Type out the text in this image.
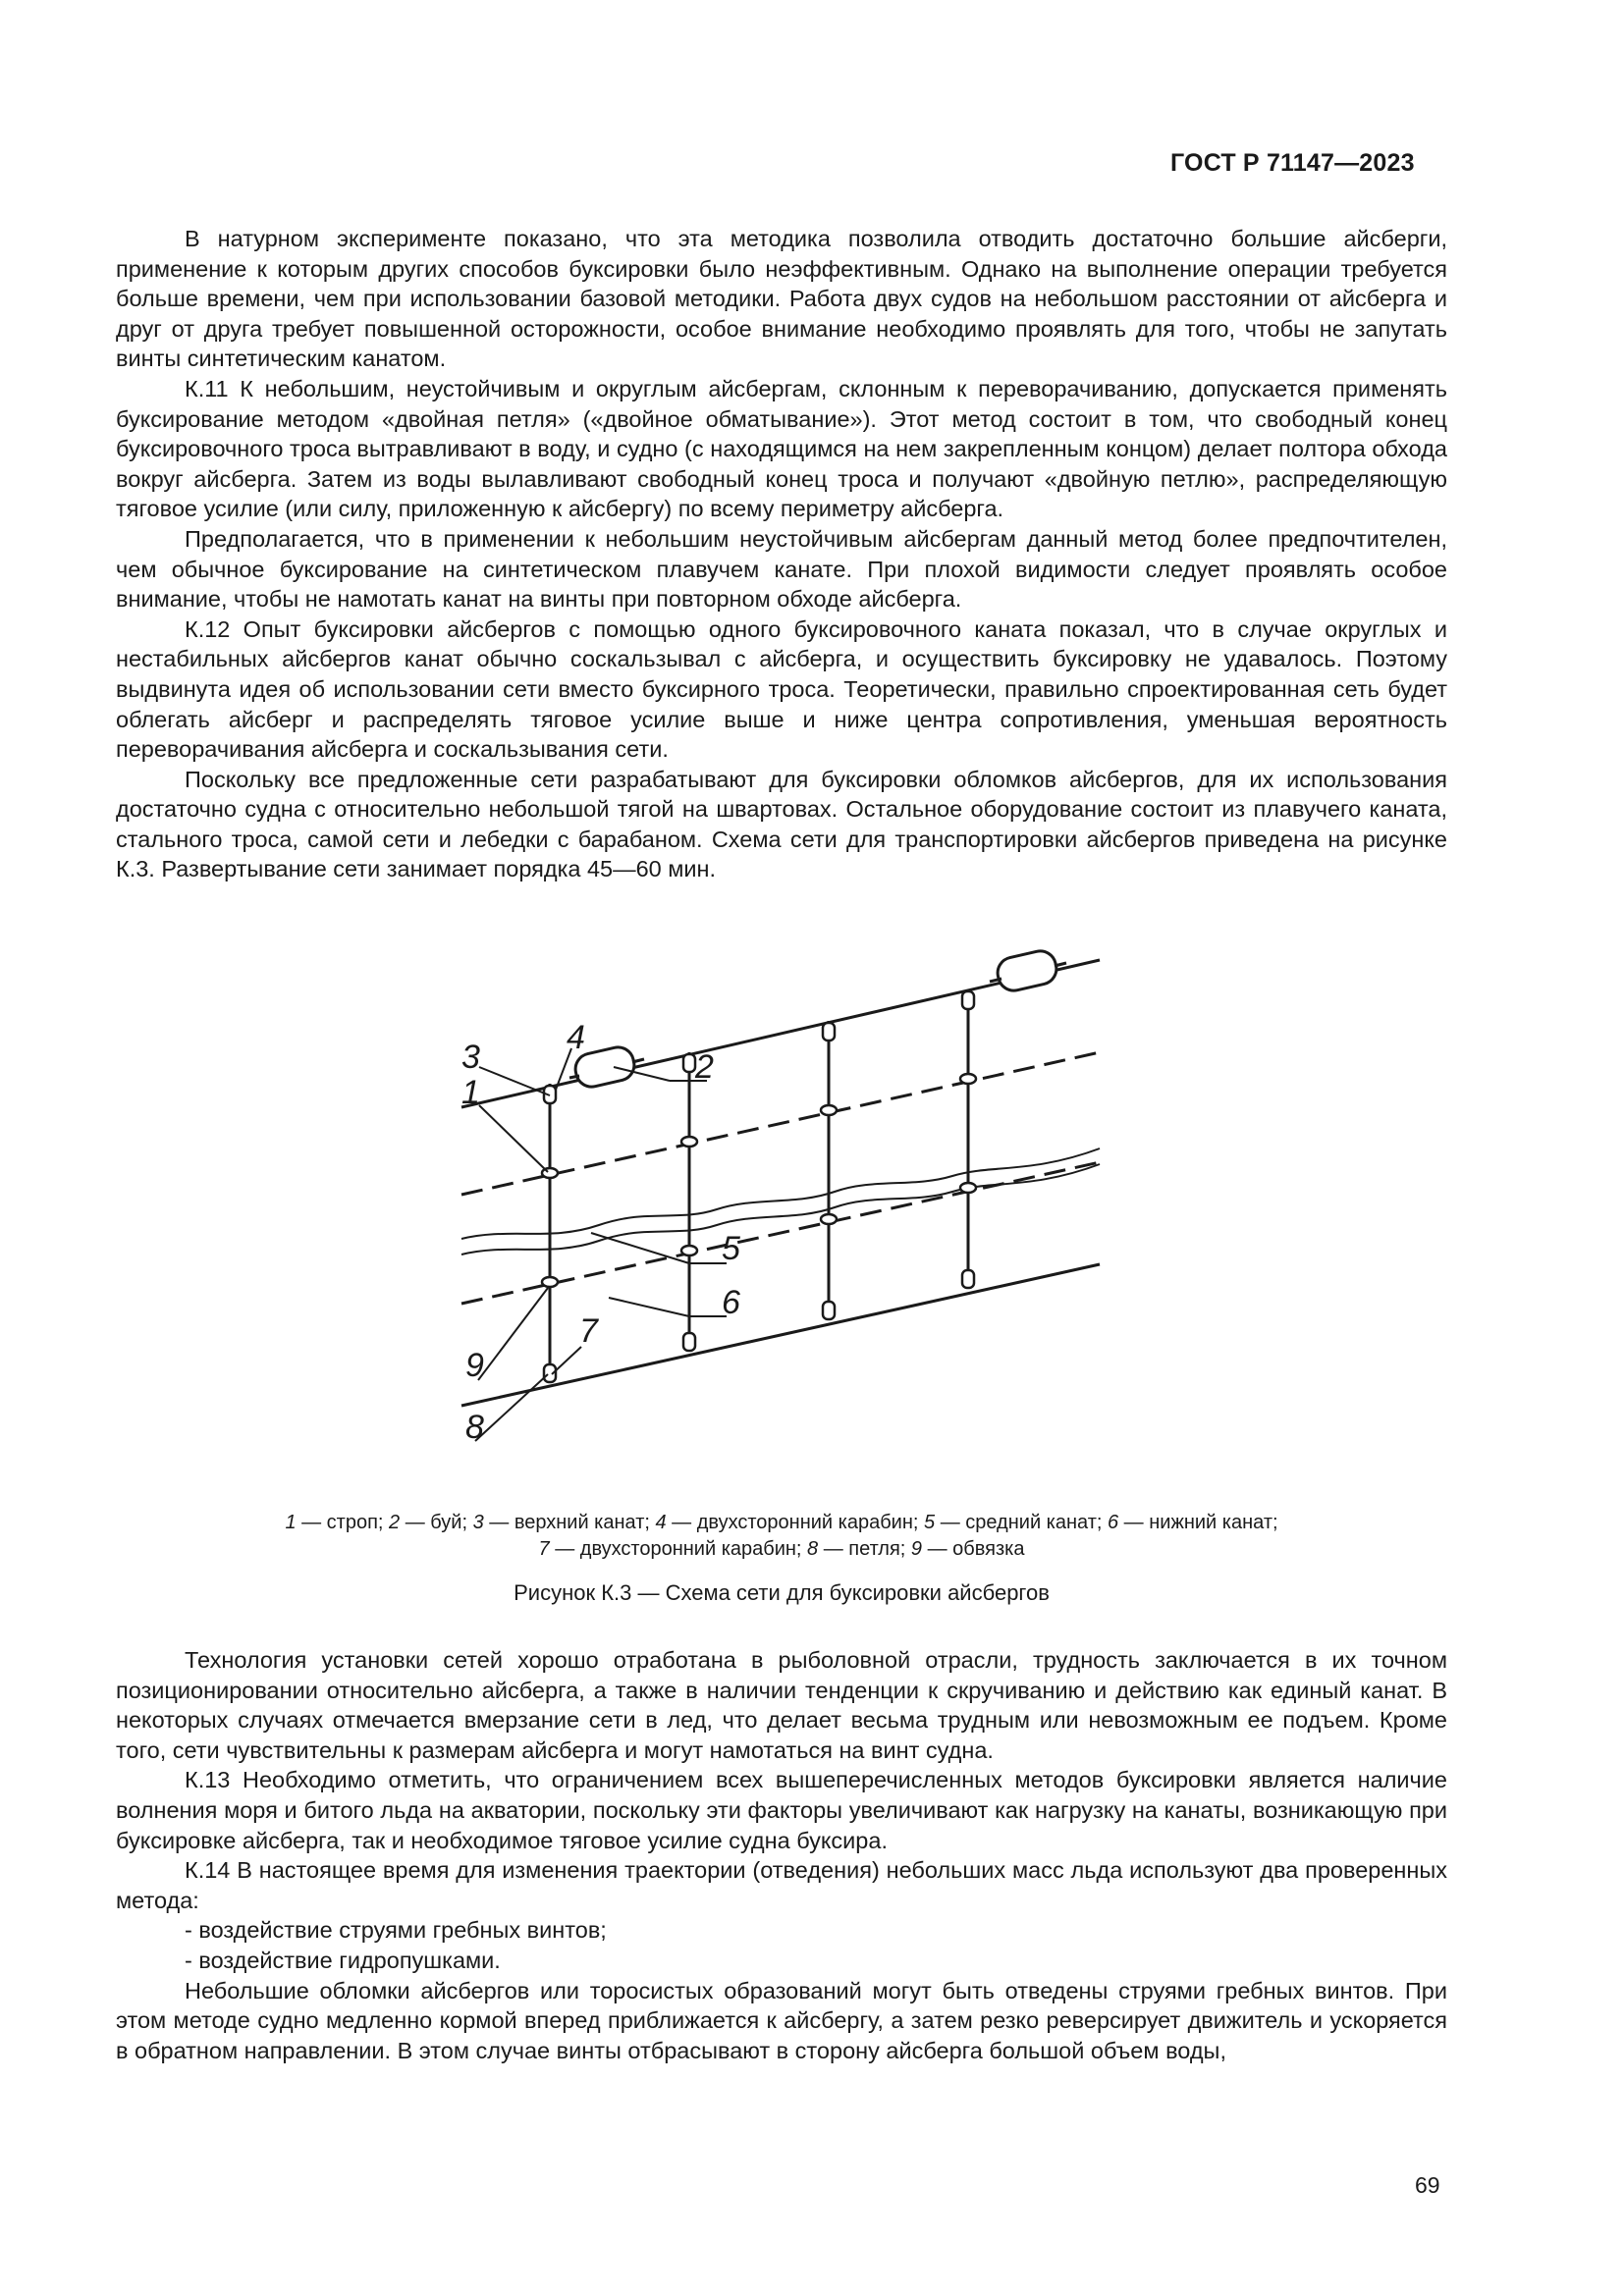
ГОСТ Р 71147—2023

В натурном эксперименте показано, что эта методика позволила отводить достаточно большие айсберги, применение к которым других способов буксировки было неэффективным. Однако на выполнение операции требуется больше времени, чем при использовании базовой методики. Работа двух судов на небольшом расстоянии от айсберга и друг от друга требует повышенной осторожности, особое внимание необходимо проявлять для того, чтобы не запутать винты синтетическим канатом.

К.11 К небольшим, неустойчивым и округлым айсбергам, склонным к переворачиванию, допускается применять буксирование методом «двойная петля» («двойное обматывание»). Этот метод состоит в том, что свободный конец буксировочного троса вытравливают в воду, и судно (с находящимся на нем закрепленным концом) делает полтора обхода вокруг айсберга. Затем из воды вылавливают свободный конец троса и получают «двойную петлю», распределяющую тяговое усилие (или силу, приложенную к айсбергу) по всему периметру айсберга.

Предполагается, что в применении к небольшим неустойчивым айсбергам данный метод более предпочтителен, чем обычное буксирование на синтетическом плавучем канате. При плохой видимости следует проявлять особое внимание, чтобы не намотать канат на винты при повторном обходе айсберга.

К.12 Опыт буксировки айсбергов с помощью одного буксировочного каната показал, что в случае округлых и нестабильных айсбергов канат обычно соскальзывал с айсберга, и осуществить буксировку не удавалось. Поэтому выдвинута идея об использовании сети вместо буксирного троса. Теоретически, правильно спроектированная сеть будет облегать айсберг и распределять тяговое усилие выше и ниже центра сопротивления, уменьшая вероятность переворачивания айсберга и соскальзывания сети.

Поскольку все предложенные сети разрабатывают для буксировки обломков айсбергов, для их использования достаточно судна с относительно небольшой тягой на швартовах. Остальное оборудование состоит из плавучего каната, стального троса, самой сети и лебедки с барабаном. Схема сети для транспортировки айсбергов приведена на рисунке К.3. Развертывание сети занимает порядка 45—60 мин.

3
1
4
2
5
6
7
9
8
1 — строп; 2 — буй; 3 — верхний канат; 4 — двухсторонний карабин; 5 — средний канат; 6 — нижний канат;
7 — двухсторонний карабин; 8 — петля; 9 — обвязка
Рисунок К.3 — Схема сети для буксировки айсбергов

Технология установки сетей хорошо отработана в рыболовной отрасли, трудность заключается в их точном позиционировании относительно айсберга, а также в наличии тенденции к скручиванию и действию как единый канат. В некоторых случаях отмечается вмерзание сети в лед, что делает весьма трудным или невозможным ее подъем. Кроме того, сети чувствительны к размерам айсберга и могут намотаться на винт судна.

К.13 Необходимо отметить, что ограничением всех вышеперечисленных методов буксировки является наличие волнения моря и битого льда на акватории, поскольку эти факторы увеличивают как нагрузку на канаты, возникающую при буксировке айсберга, так и необходимое тяговое усилие судна буксира.

К.14 В настоящее время для изменения траектории (отведения) небольших масс льда используют два проверенных метода:

- воздействие струями гребных винтов;

- воздействие гидропушками.

Небольшие обломки айсбергов или торосистых образований могут быть отведены струями гребных винтов. При этом методе судно медленно кормой вперед приближается к айсбергу, а затем резко реверсирует движитель и ускоряется в обратном направлении. В этом случае винты отбрасывают в сторону айсберга большой объем воды,

69
